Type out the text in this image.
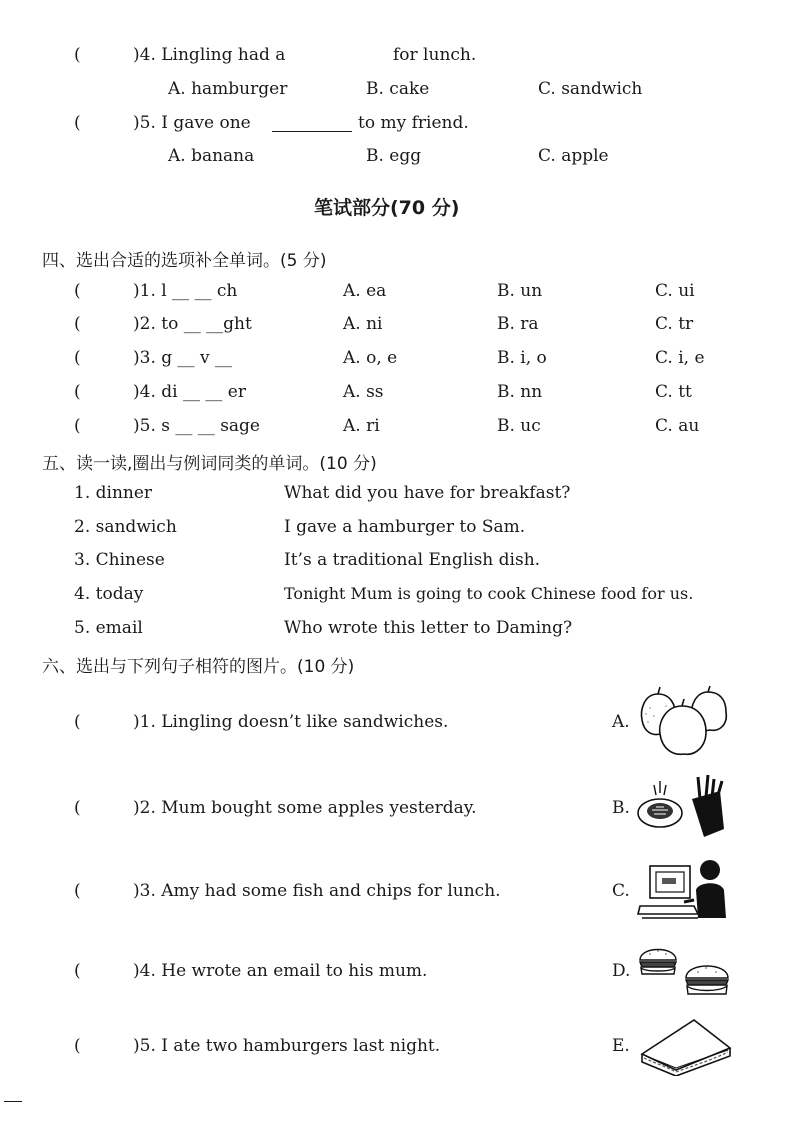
(	)4. Lingling had a	for lunch.
A. hamburger	B. cake	C. sandwich
(	)5. I gave one	to my friend.
A. banana	B. egg	C. apple
笔试部分(70 分)
四、选出合适的选项补全单词。(5 分)
(	)1. l __ __ ch	A. ea	B. un	C. ui
(	)2. to __ __ght	A. ni	B. ra	C. tr
(	)3. g __ v __	A. o, e	B. i, o	C. i, e
(	)4. di __ __ er	A. ss	B. nn	C. tt
(	)5. s __ __ sage	A. ri	B. uc	C. au
五、读一读,圈出与例词同类的单词。(10 分)
1. dinner	What did you have for breakfast?
2. sandwich	I gave a hamburger to Sam.
3. Chinese	It’s a traditional English dish.
4. today	Tonight Mum is going to cook Chinese food for us.
5. email	Who wrote this letter to Daming?
六、选出与下列句子相符的图片。(10 分)
(	)1. Lingling doesn’t like sandwiches.	A.
(	)2. Mum bought some apples yesterday.	B.
(	)3. Amy had some fish and chips for lunch.	C.
(	)4. He wrote an email to his mum.	D.
(	)5. I ate two hamburgers last night.	E.
